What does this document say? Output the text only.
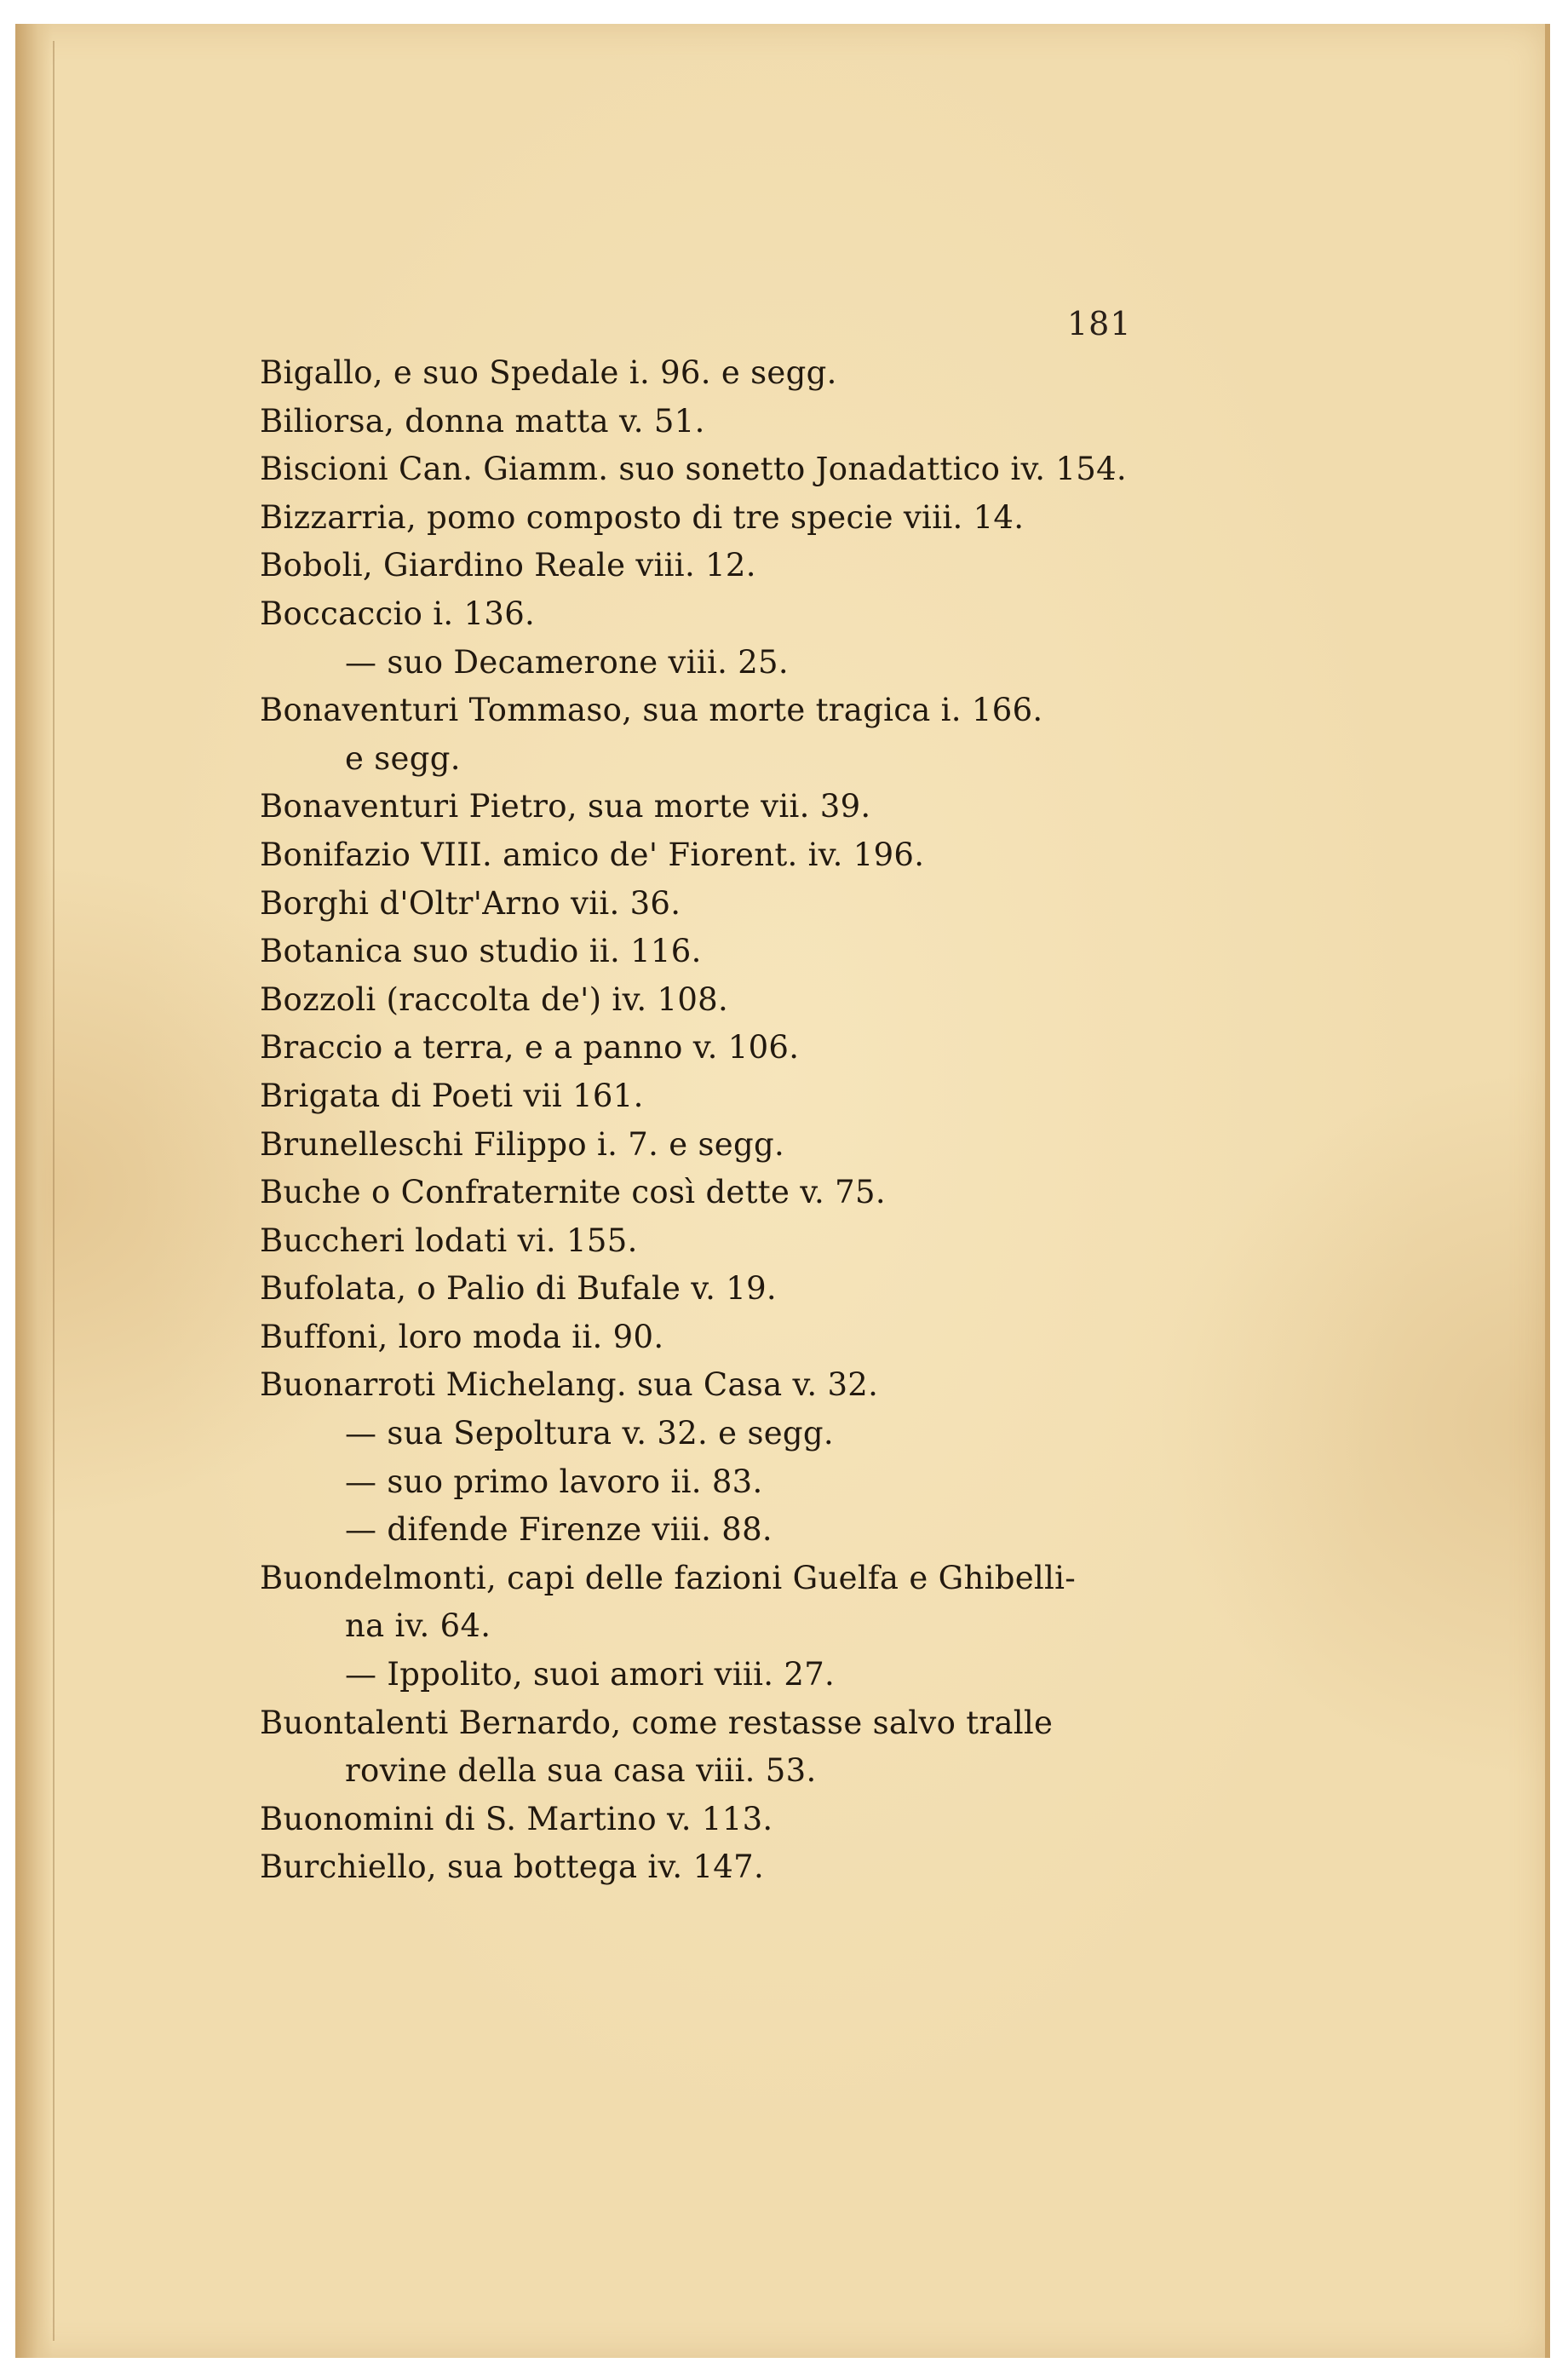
181
Bigallo, e suo Spedale i. 96. e segg.
Biliorsa, donna matta v. 51.
Biscioni Can. Giamm. suo sonetto Jonadattico iv. 154.
Bizzarria, pomo composto di tre specie viii. 14.
Boboli, Giardino Reale viii. 12.
Boccaccio i. 136.
— suo Decamerone viii. 25.
Bonaventuri Tommaso, sua morte tragica i. 166.
e segg.
Bonaventuri Pietro, sua morte vii. 39.
Bonifazio VIII. amico de' Fiorent. iv. 196.
Borghi d'Oltr'Arno vii. 36.
Botanica suo studio ii. 116.
Bozzoli (raccolta de') iv. 108.
Braccio a terra, e a panno v. 106.
Brigata di Poeti vii 161.
Brunelleschi Filippo i. 7. e segg.
Buche o Confraternite così dette v. 75.
Buccheri lodati vi. 155.
Bufolata, o Palio di Bufale v. 19.
Buffoni, loro moda ii. 90.
Buonarroti Michelang. sua Casa v. 32.
— sua Sepoltura v. 32. e segg.
— suo primo lavoro ii. 83.
— difende Firenze viii. 88.
Buondelmonti, capi delle fazioni Guelfa e Ghibelli-
na iv. 64.
— Ippolito, suoi amori viii. 27.
Buontalenti Bernardo, come restasse salvo tralle
rovine della sua casa viii. 53.
Buonomini di S. Martino v. 113.
Burchiello, sua bottega iv. 147.
